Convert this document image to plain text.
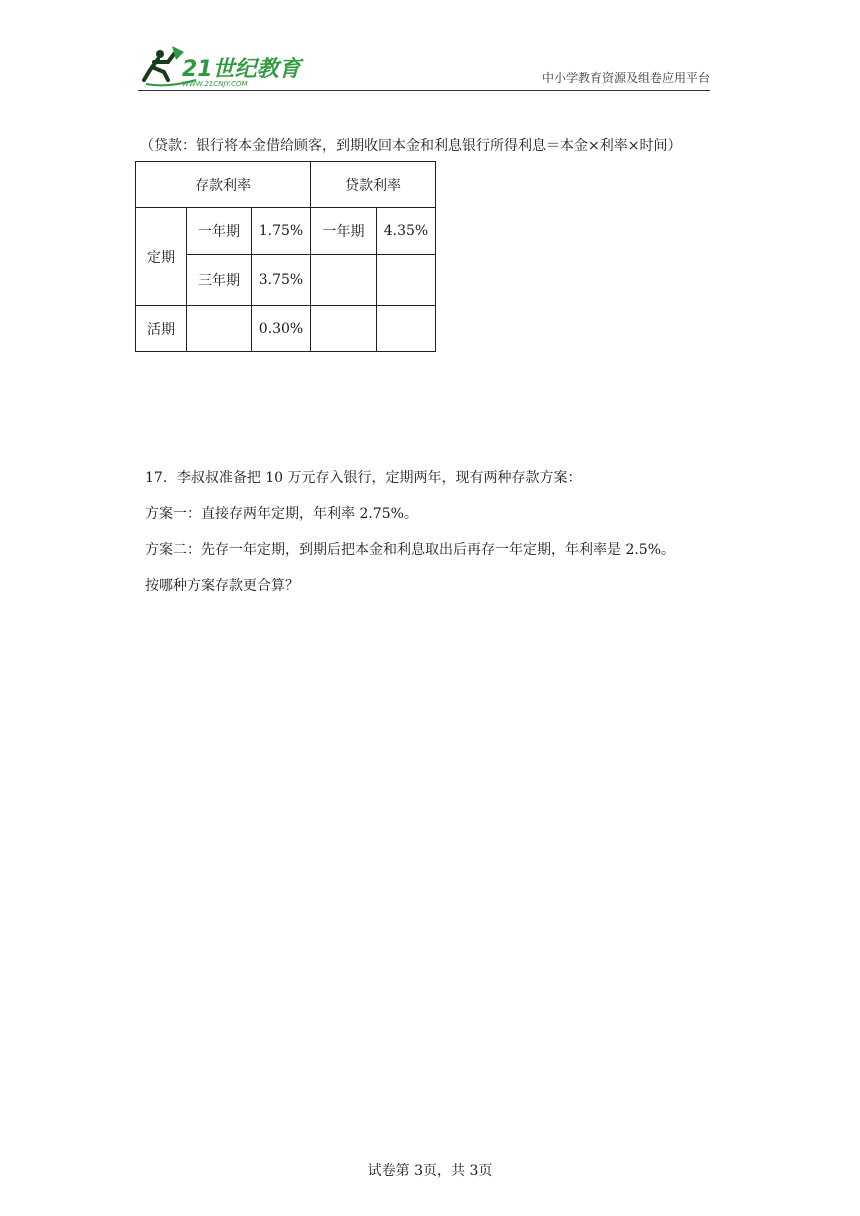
21世纪教育
WWW.21CNJY.COM	中小学教育资源及组卷应用平台
（贷款：银行将本金借给顾客，到期收回本金和利息银行所得利息＝本金×利率×时间）
存款利率			贷款利率	
定期	一年期	1.75%	一年期	4.35%
	三年期	3.75%		
活期		0.30%		
17．李叔叔准备把 10 万元存入银行，定期两年，现有两种存款方案：
方案一：直接存两年定期，年利率 2.75%。
方案二：先存一年定期，到期后把本金和利息取出后再存一年定期，年利率是 2.5%。
按哪种方案存款更合算？
试卷第 3页，共 3页
